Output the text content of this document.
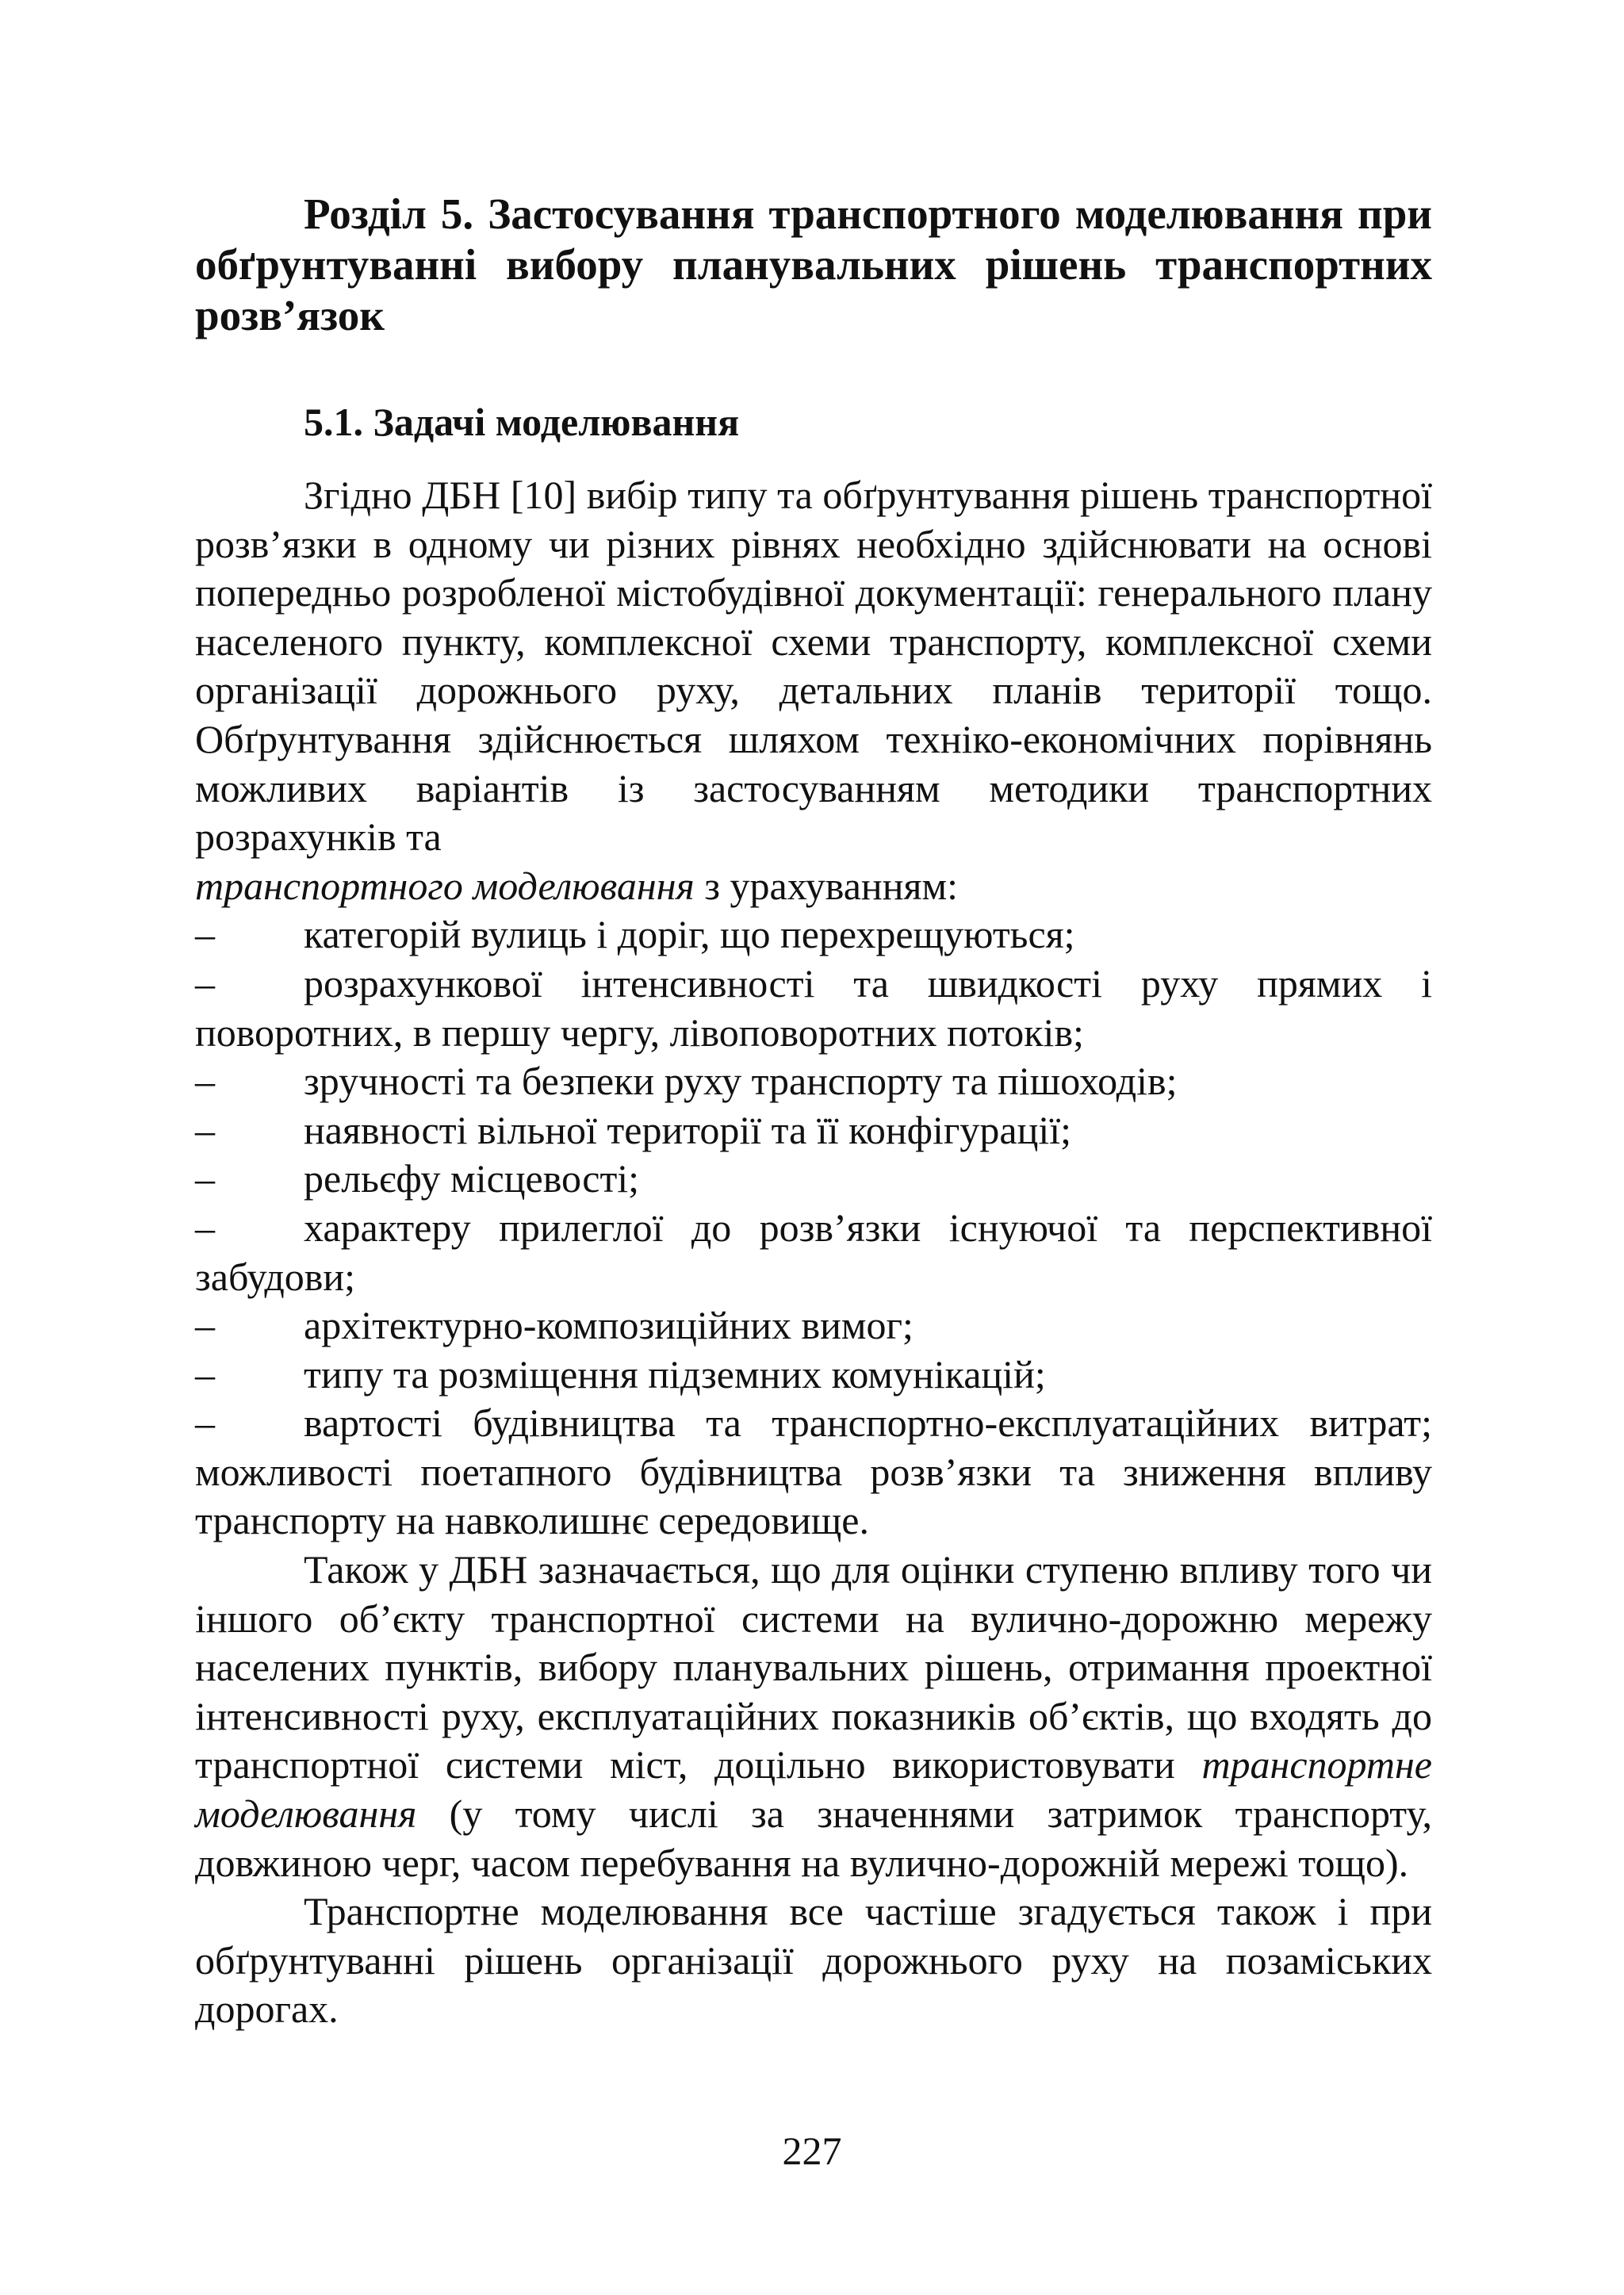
Розділ 5. Застосування транспортного моделювання при обґрунтуванні вибору планувальних рішень транспортних розв’язок
5.1. Задачі моделювання

Згідно ДБН [10] вибір типу та обґрунтування рішень транспортної розв’язки в одному чи різних рівнях необхідно здійснювати на основі попередньо розробленої містобудівної документації: генерального плану населеного пункту, комплексної схеми транспорту, комплексної схеми організації дорожнього руху, детальних планів території тощо. Обґрунтування здійснюється шляхом техніко-економічних порівнянь можливих варіантів із застосуванням методики транспортних розрахунків та

транспортного моделювання з урахуванням:

– категорій вулиць і доріг, що перехрещуються;

– розрахункової інтенсивності та швидкості руху прямих і поворотних, в першу чергу, лівоповоротних потоків;

– зручності та безпеки руху транспорту та пішоходів;

– наявності вільної території та її конфігурації;

– рельєфу місцевості;

– характеру прилеглої до розв’язки існуючої та перспективної забудови;

– архітектурно-композиційних вимог;

– типу та розміщення підземних комунікацій;

– вартості будівництва та транспортно-експлуатаційних витрат; можливості поетапного будівництва розв’язки та зниження впливу транспорту на навколишнє середовище.

Також у ДБН зазначається, що для оцінки ступеню впливу того чи іншого об’єкту транспортної системи на вулично-дорожню мережу населених пунктів, вибору планувальних рішень, отримання проектної інтенсивності руху, експлуатаційних показників об’єктів, що входять до транспортної системи міст, доцільно використовувати транспортне моделювання (у тому числі за значеннями затримок транспорту, довжиною черг, часом перебування на вулично-дорожній мережі тощо).

Транспортне моделювання все частіше згадується також і при обґрунтуванні рішень організації дорожнього руху на позаміських дорогах.

227
